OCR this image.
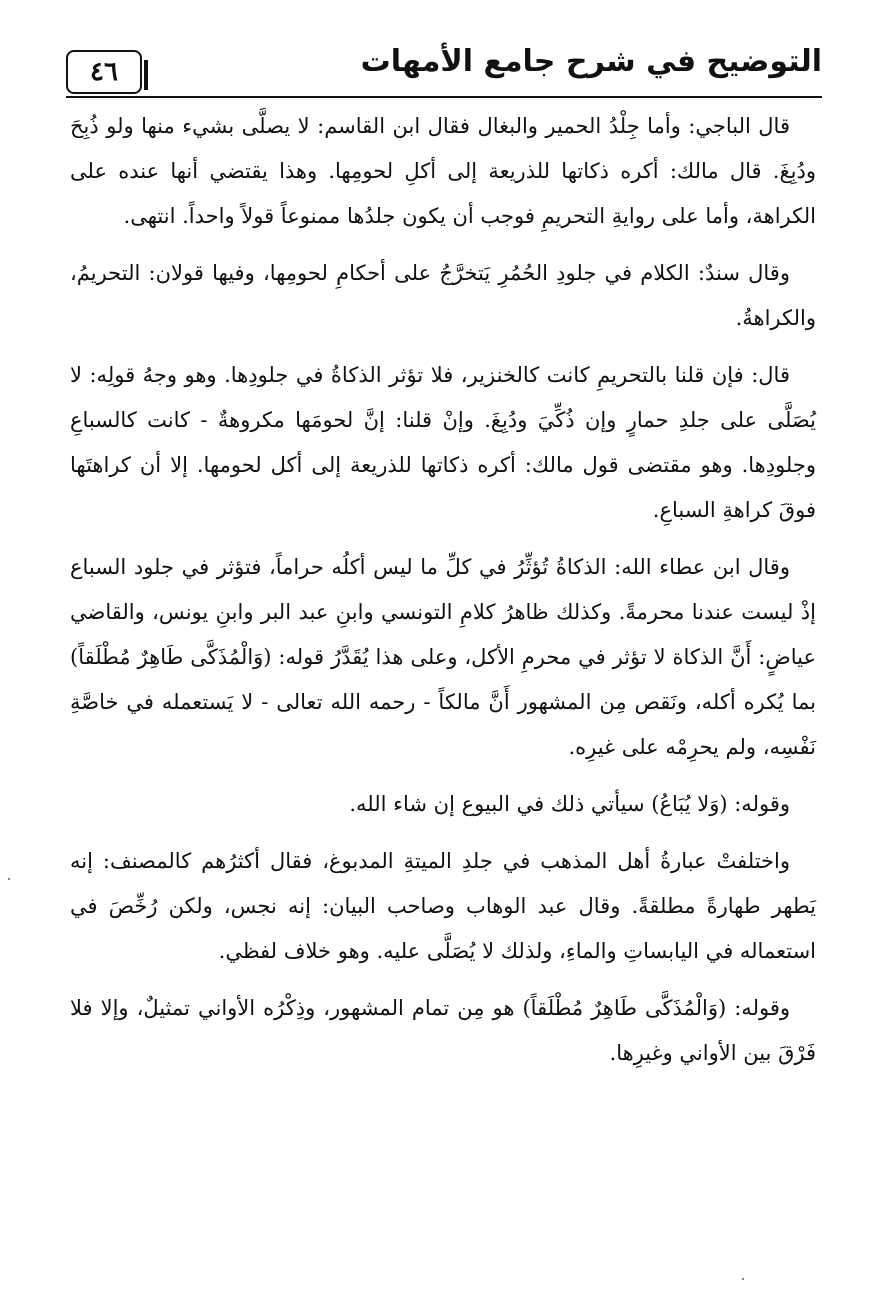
٤٦	التوضيح في شرح جامع الأمهات

قال الباجي: وأما جِلْدُ الحمير والبغال فقال ابن القاسم: لا يصلَّى بشيء منها ولو ذُبِحَ ودُبِغَ. قال مالك: أكره ذكاتها للذريعة إلى أكلِ لحومِها. وهذا يقتضي أنها عنده على الكراهة، وأما على روايةِ التحريمِ فوجب أن يكون جلدُها ممنوعاً قولاً واحداً. انتهى.

وقال سندٌ: الكلام في جلودِ الحُمُرِ يَتخرَّجُ على أحكامِ لحومِها، وفيها قولان: التحريمُ، والكراهةُ.

قال: فإن قلنا بالتحريمِ كانت كالخنزير، فلا تؤثر الذكاةُ في جلودِها. وهو وجهُ قولِه: لا يُصَلَّى على جلدِ حمارٍ وإن ذُكِّيَ ودُبِغَ. وإنْ قلنا: إنَّ لحومَها مكروهةٌ - كانت كالسباعِ وجلودِها. وهو مقتضى قول مالك: أكره ذكاتها للذريعة إلى أكل لحومها. إلا أن كراهتَها فوقَ كراهةِ السباعِ.

وقال ابن عطاء الله: الذكاةُ تُؤثِّرُ في كلِّ ما ليس أكلُه حراماً، فتؤثر في جلود السباع إذْ ليست عندنا محرمةً. وكذلك ظاهرُ كلامِ التونسي وابنِ عبد البر وابنِ يونس، والقاضي عياضٍ: أَنَّ الذكاة لا تؤثر في محرمِ الأكل، وعلى هذا يُقَدَّرُ قوله: (وَالْمُذَكَّى طَاهِرٌ مُطْلَقاً) بما يُكره أكله، ونَقص مِن المشهور أَنَّ مالكاً - رحمه الله تعالى - لا يَستعمله في خاصَّةِ نَفْسِه، ولم يحرِمْه على غيرِه.

وقوله: (وَلا يُبَاعُ) سيأتي ذلك في البيوع إن شاء الله.

واختلفتْ عبارةُ أهل المذهب في جلدِ الميتةِ المدبوغ، فقال أكثرُهم كالمصنف: إنه يَطهر طهارةً مطلقةً. وقال عبد الوهاب وصاحب البيان: إنه نجس، ولكن رُخِّصَ في استعماله في اليابساتِ والماءِ، ولذلك لا يُصَلَّى عليه. وهو خلاف لفظي.

وقوله: (وَالْمُذَكَّى طَاهِرٌ مُطْلَقاً) هو مِن تمام المشهور، وذِكْرُه الأواني تمثيلٌ، وإلا فلا فَرْقَ بين الأواني وغيرِها.
